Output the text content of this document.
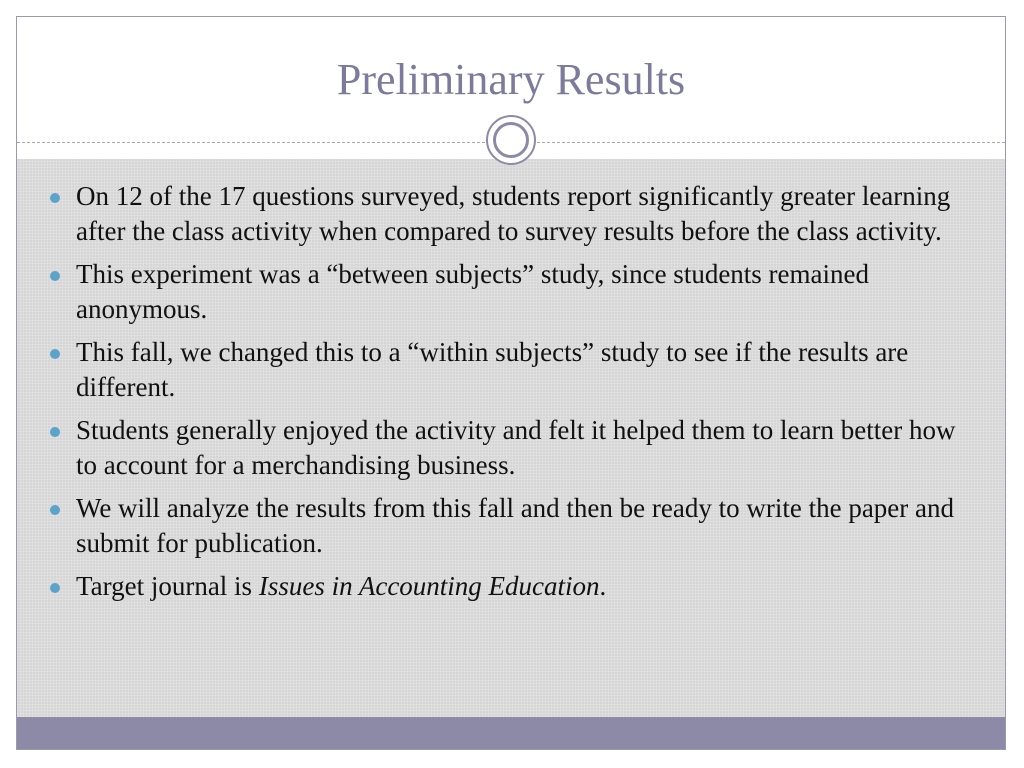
Preliminary Results
On 12 of the 17 questions surveyed, students report significantly greater learning after the class activity when compared to survey results before the class activity.
This experiment was a “between subjects” study, since students remained anonymous.
This fall, we changed this to a “within subjects” study to see if the results are different.
Students generally enjoyed the activity and felt it helped them to learn better how to account for a merchandising business.
We will analyze the results from this fall and then be ready to write the paper and submit for publication.
Target journal is Issues in Accounting Education.
